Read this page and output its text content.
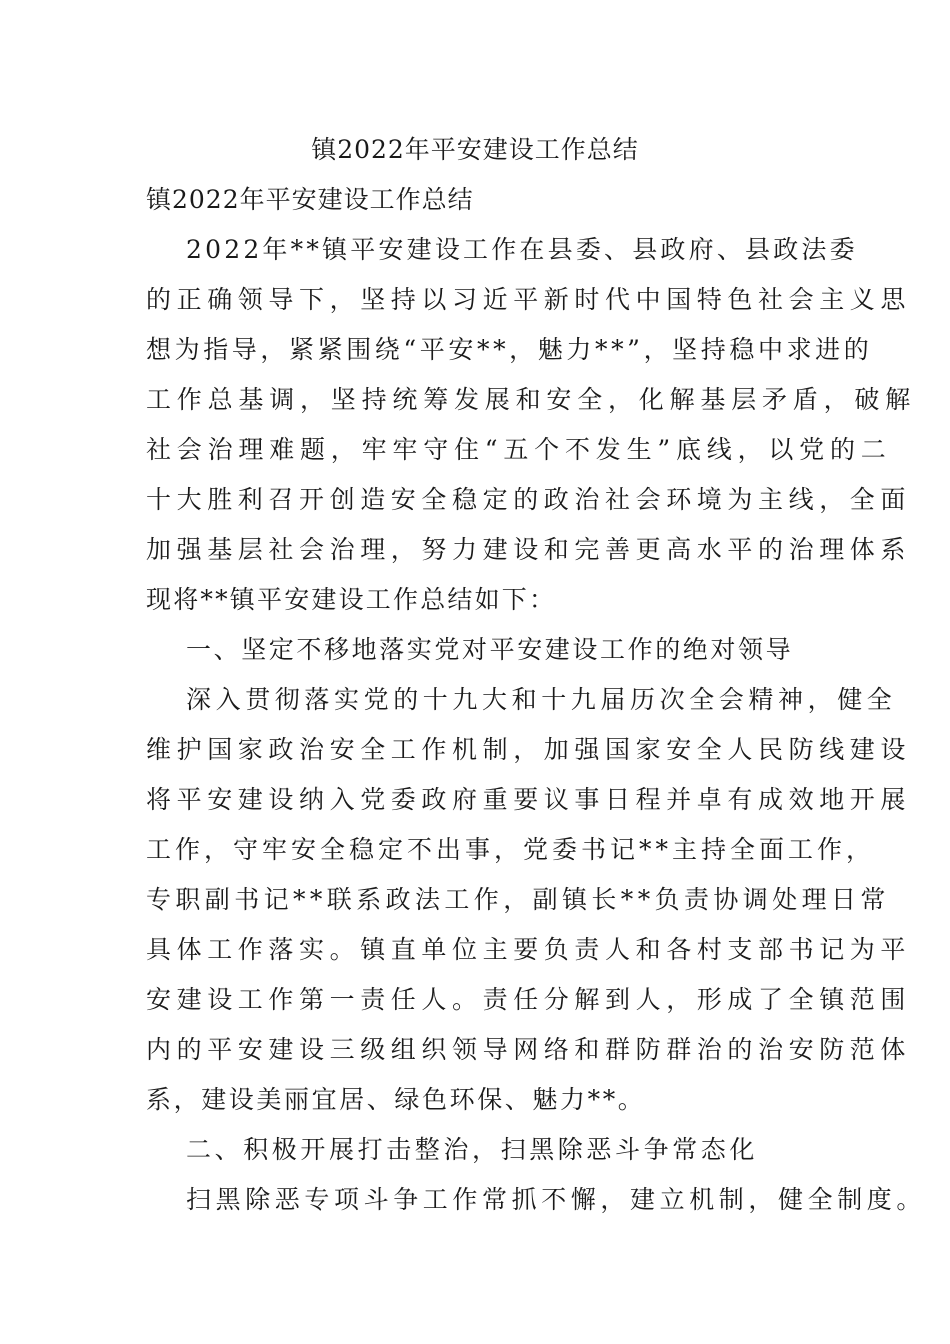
镇2022年平安建设工作总结
镇2022年平安建设工作总结

2022年**镇平安建设工作在县委、县政府、县政法委

的正确领导下，坚持以习近平新时代中国特色社会主义思

想为指导，紧紧围绕“平安**，魅力**”，坚持稳中求进的

工作总基调，坚持统筹发展和安全，化解基层矛盾，破解

社会治理难题，牢牢守住“五个不发生”底线，以党的二

十大胜利召开创造安全稳定的政治社会环境为主线，全面

加强基层社会治理，努力建设和完善更高水平的治理体系

现将**镇平安建设工作总结如下：

一、坚定不移地落实党对平安建设工作的绝对领导

深入贯彻落实党的十九大和十九届历次全会精神，健全

维护国家政治安全工作机制，加强国家安全人民防线建设

将平安建设纳入党委政府重要议事日程并卓有成效地开展

工作，守牢安全稳定不出事，党委书记**主持全面工作，

专职副书记**联系政法工作，副镇长**负责协调处理日常

具体工作落实。镇直单位主要负责人和各村支部书记为平

安建设工作第一责任人。责任分解到人，形成了全镇范围

内的平安建设三级组织领导网络和群防群治的治安防范体

系，建设美丽宜居、绿色环保、魅力**。

二、积极开展打击整治，扫黑除恶斗争常态化

扫黑除恶专项斗争工作常抓不懈，建立机制，健全制度。
